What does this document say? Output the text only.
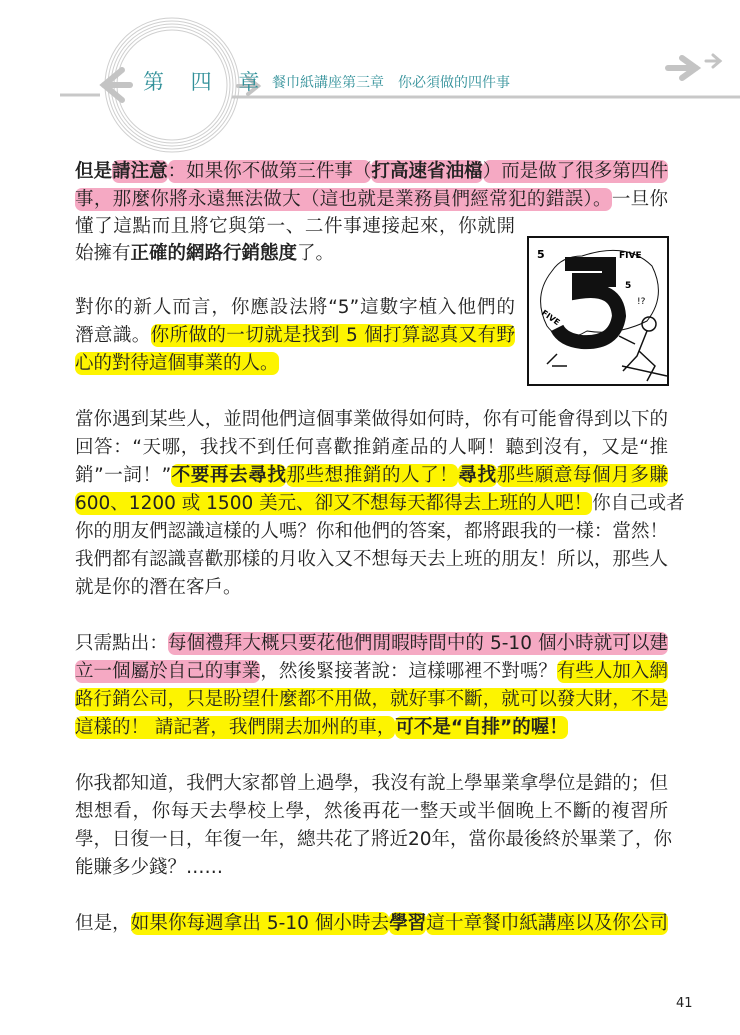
第 四 章 餐巾紙講座第三章　你必須做的四件事
但是請注意：如果你不做第三件事（打高速省油檔）而是做了很多第四件
事，那麼你將永遠無法做大（這也就是業務員們經常犯的錯誤）。一旦你
懂了這點而且將它與第一、二件事連接起來，你就開
始擁有正確的網路行銷態度了。
對你的新人而言，你應設法將“5”這數字植入他們的
潛意識。你所做的一切就是找到 5 個打算認真又有野
心的對待這個事業的人。
當你遇到某些人，並問他們這個事業做得如何時，你有可能會得到以下的
回答：“天哪，我找不到任何喜歡推銷產品的人啊！聽到沒有，又是“推
銷”一詞！”不要再去尋找那些想推銷的人了！尋找那些願意每個月多賺
600、1200 或 1500 美元、卻又不想每天都得去上班的人吧！你自己或者
你的朋友們認識這樣的人嗎？你和他們的答案，都將跟我的一樣：當然！
我們都有認識喜歡那樣的月收入又不想每天去上班的朋友！所以，那些人
就是你的潛在客戶。
只需點出：每個禮拜大概只要花他們閒暇時間中的 5-10 個小時就可以建
立一個屬於自己的事業，然後緊接著說：這樣哪裡不對嗎？有些人加入網
路行銷公司，只是盼望什麼都不用做，就好事不斷，就可以發大財，不是
這樣的！ 請記著，我們開去加州的車，可不是“自排”的喔！
你我都知道，我們大家都曾上過學，我沒有說上學畢業拿學位是錯的；但
想想看，你每天去學校上學，然後再花一整天或半個晚上不斷的複習所
學，日復一日，年復一年，總共花了將近20年，當你最後終於畢業了，你
能賺多少錢？……
但是，如果你每週拿出 5-10 個小時去學習這十章餐巾紙講座以及你公司
5	FIVE
5
FIVE
!?
41
